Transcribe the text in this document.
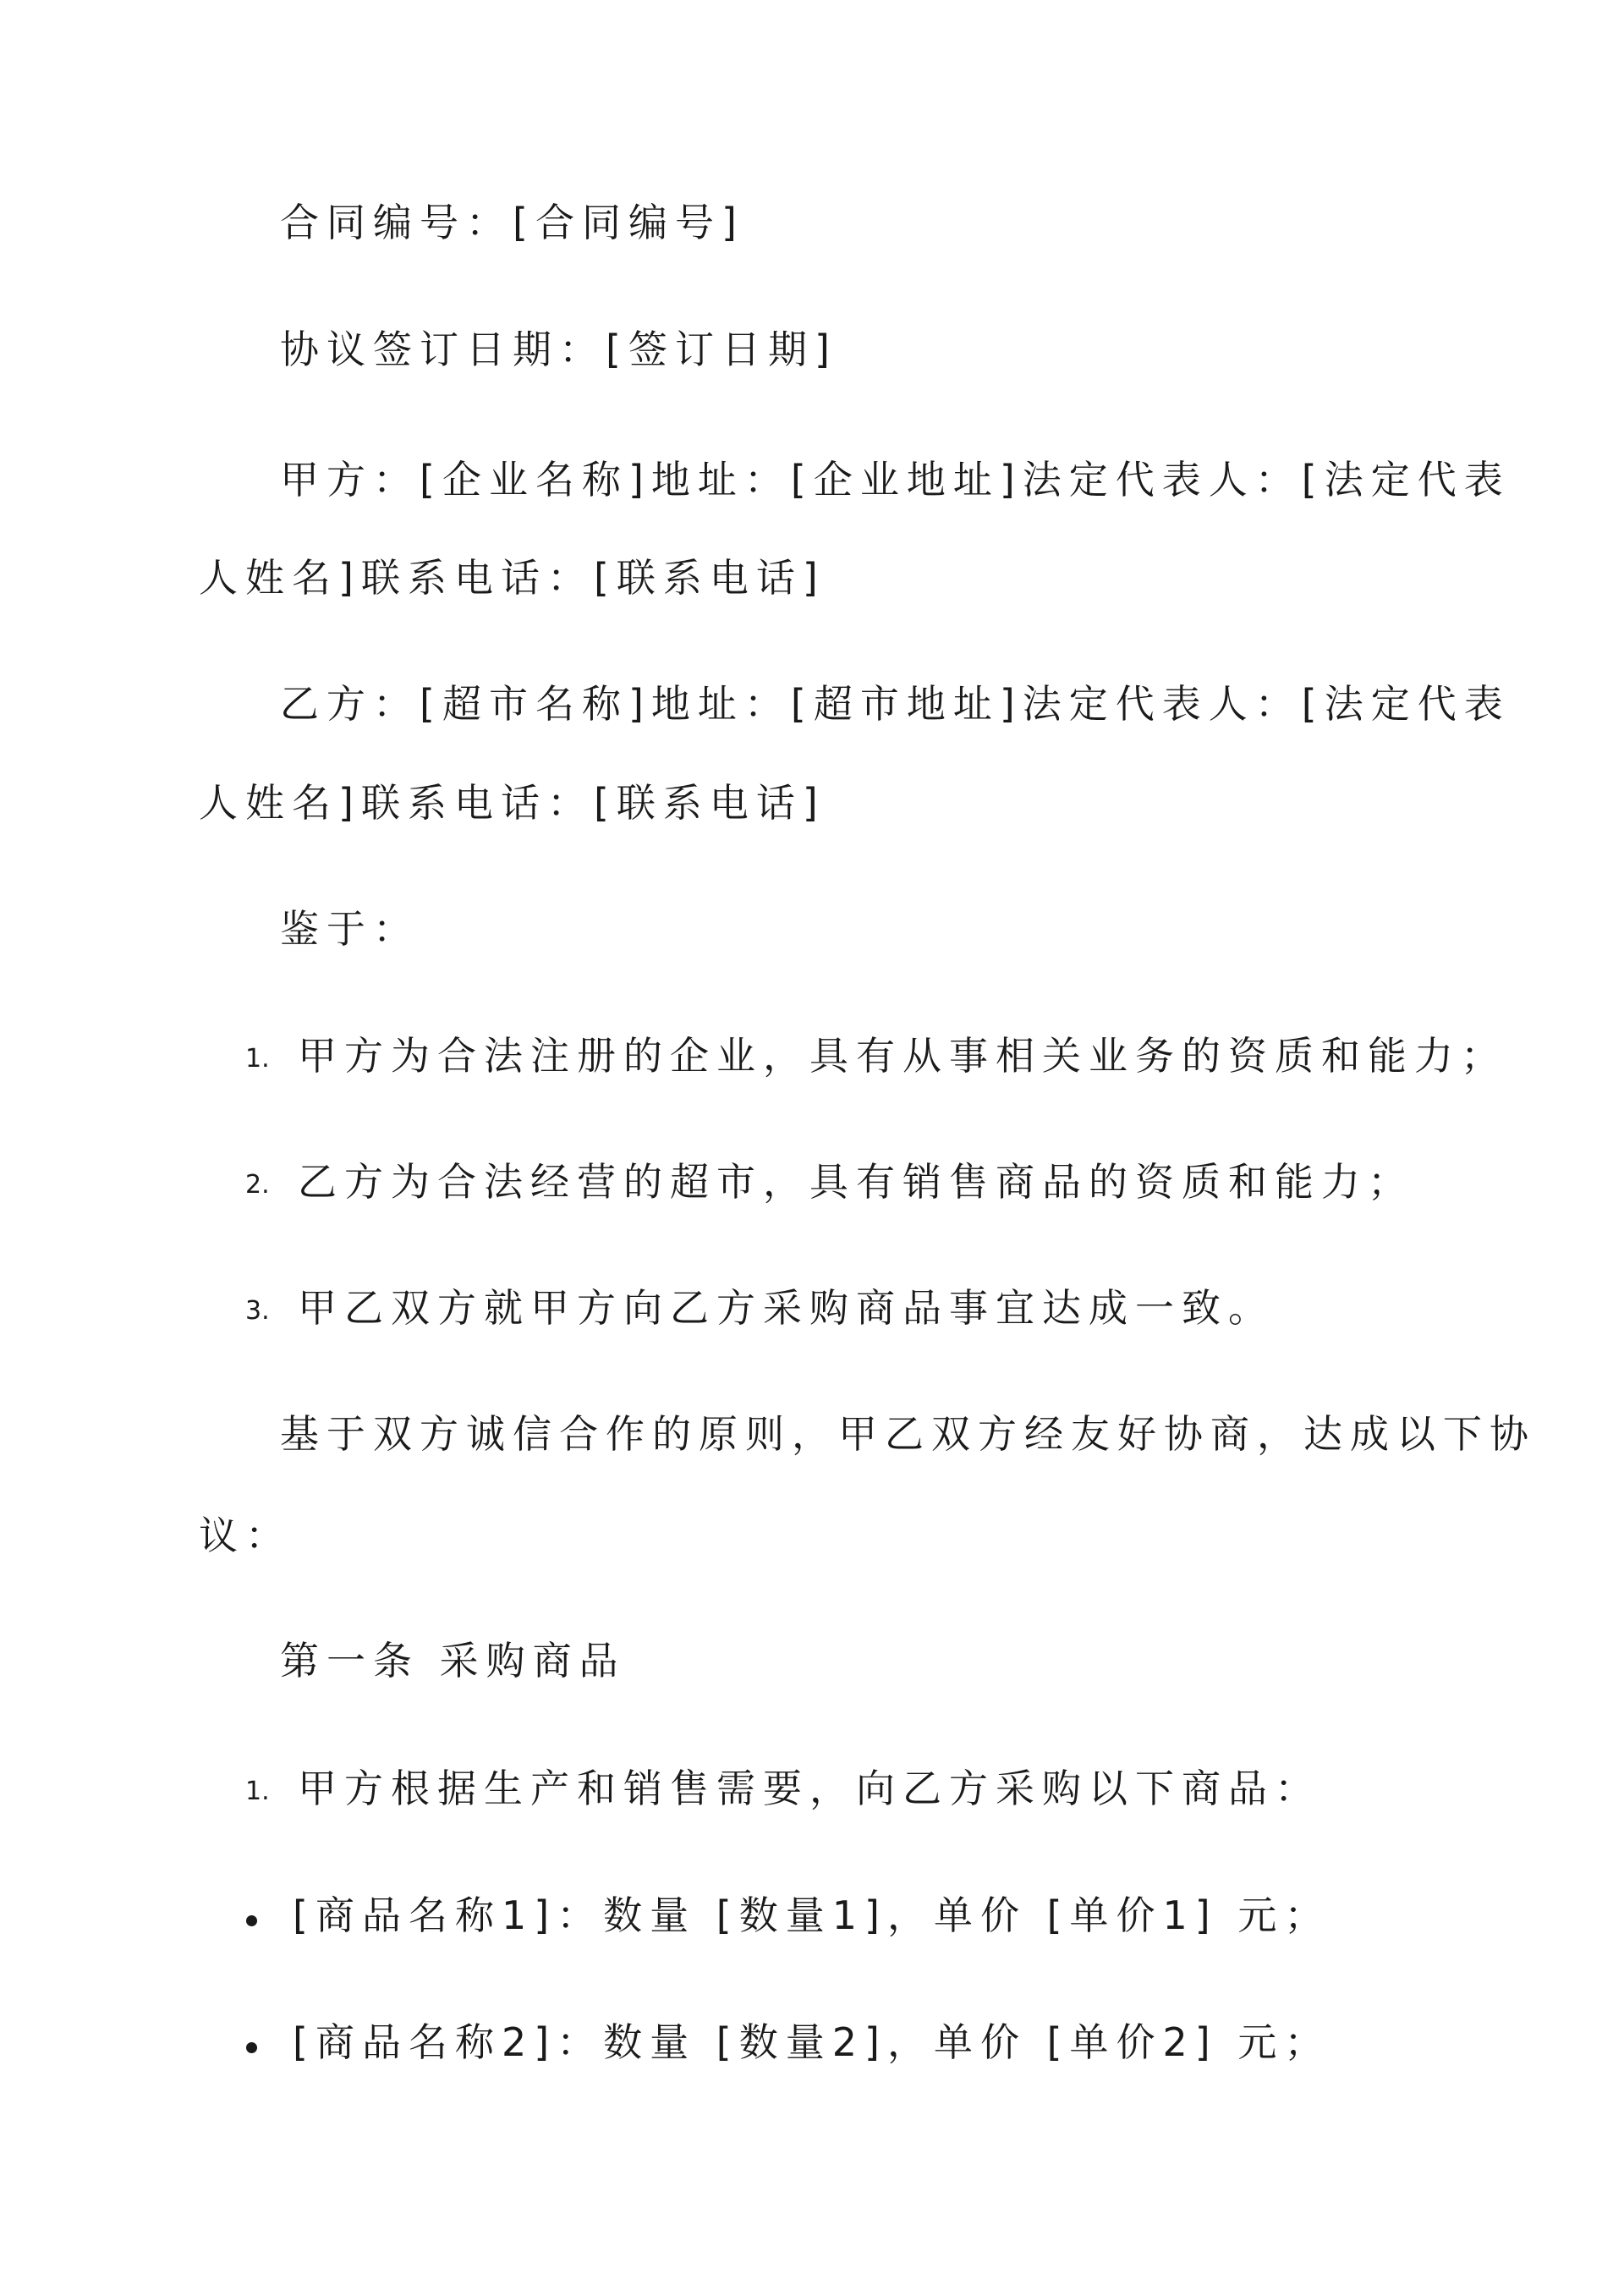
合同编号：[合同编号]
协议签订日期：[签订日期]
甲方：[企业名称]地址：[企业地址]法定代表人：[法定代表
人姓名]联系电话：[联系电话]
乙方：[超市名称]地址：[超市地址]法定代表人：[法定代表
人姓名]联系电话：[联系电话]
鉴于：
1. 甲方为合法注册的企业，具有从事相关业务的资质和能力；
2. 乙方为合法经营的超市，具有销售商品的资质和能力；
3. 甲乙双方就甲方向乙方采购商品事宜达成一致。
基于双方诚信合作的原则，甲乙双方经友好协商，达成以下协
议：
第一条 采购商品
1. 甲方根据生产和销售需要，向乙方采购以下商品：
[商品名称1]：数量 [数量1]，单价 [单价1] 元；
[商品名称2]：数量 [数量2]，单价 [单价2] 元；
